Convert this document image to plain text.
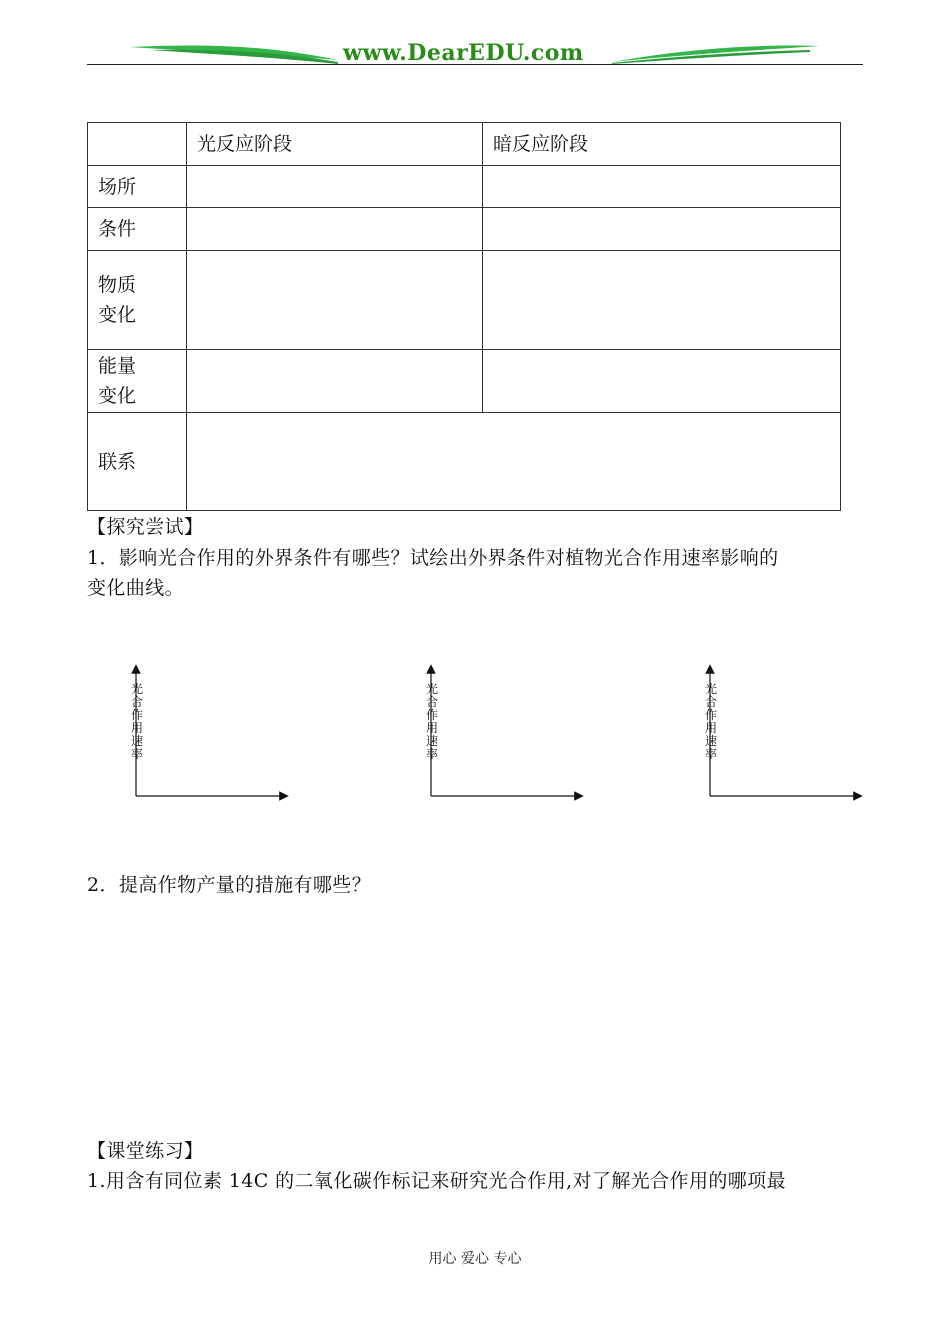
www.DearEDU.com
	光反应阶段	暗反应阶段
场所		
条件		

物质
变化		

能量
变化		

联系		
【探究尝试】
1．影响光合作用的外界条件有哪些？试绘出外界条件对植物光合作用速率影响的
变化曲线。
光
合
作
用
速
率
光
合
作
用
速
率
光
合
作
用
速
率
2．提高作物产量的措施有哪些？
【课堂练习】
1.用含有同位素 14C 的二氧化碳作标记来研究光合作用,对了解光合作用的哪项最
用心 爱心 专心
